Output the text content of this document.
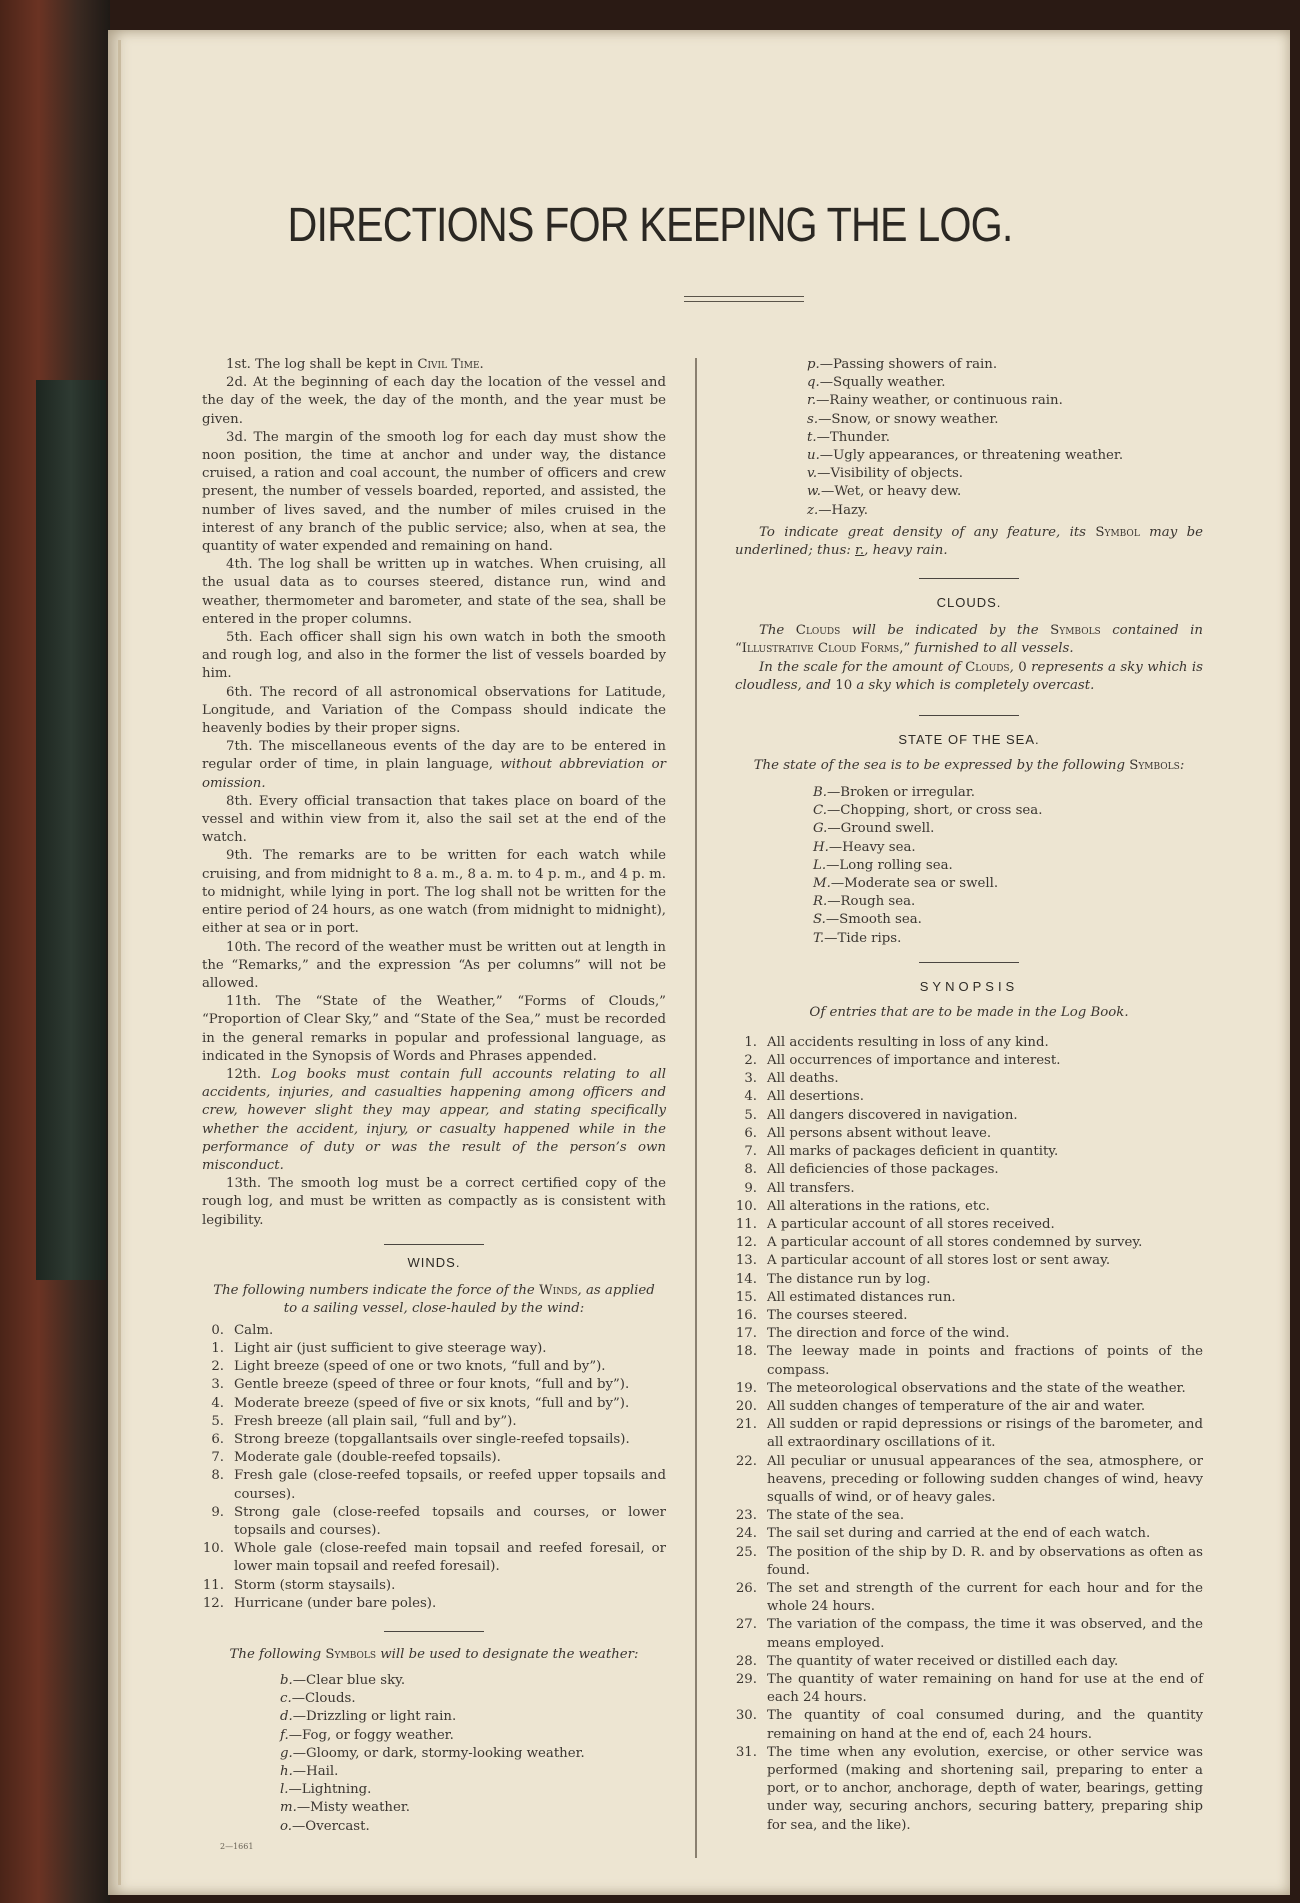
DIRECTIONS FOR KEEPING THE LOG.

1st. The log shall be kept in Civil Time.

2d. At the beginning of each day the location of the vessel and the day of the week, the day of the month, and the year must be given.

3d. The margin of the smooth log for each day must show the noon position, the time at anchor and under way, the distance cruised, a ration and coal account, the number of officers and crew present, the number of vessels boarded, reported, and assisted, the number of lives saved, and the number of miles cruised in the interest of any branch of the public service; also, when at sea, the quantity of water expended and remaining on hand.

4th. The log shall be written up in watches. When cruising, all the usual data as to courses steered, distance run, wind and weather, thermometer and barometer, and state of the sea, shall be entered in the proper columns.

5th. Each officer shall sign his own watch in both the smooth and rough log, and also in the former the list of vessels boarded by him.

6th. The record of all astronomical observations for Latitude, Longitude, and Variation of the Compass should indicate the heavenly bodies by their proper signs.

7th. The miscellaneous events of the day are to be entered in regular order of time, in plain language, without abbreviation or omission.

8th. Every official transaction that takes place on board of the vessel and within view from it, also the sail set at the end of the watch.

9th. The remarks are to be written for each watch while cruising, and from midnight to 8 a. m., 8 a. m. to 4 p. m., and 4 p. m. to midnight, while lying in port. The log shall not be written for the entire period of 24 hours, as one watch (from midnight to midnight), either at sea or in port.

10th. The record of the weather must be written out at length in the “Remarks,” and the expression “As per columns” will not be allowed.

11th. The “State of the Weather,” “Forms of Clouds,” “Proportion of Clear Sky,” and “State of the Sea,” must be recorded in the general remarks in popular and professional language, as indicated in the Synopsis of Words and Phrases appended.

12th. Log books must contain full accounts relating to all accidents, injuries, and casualties happening among officers and crew, however slight they may appear, and stating specifically whether the accident, injury, or casualty happened while in the performance of duty or was the result of the person’s own misconduct.

13th. The smooth log must be a correct certified copy of the rough log, and must be written as compactly as is consistent with legibility.

WINDS.

The following numbers indicate the force of the Winds, as applied to a sailing vessel, close-hauled by the wind:

0. Calm.
1. Light air (just sufficient to give steerage way).
2. Light breeze (speed of one or two knots, “full and by”).
3. Gentle breeze (speed of three or four knots, “full and by”).
4. Moderate breeze (speed of five or six knots, “full and by”).
5. Fresh breeze (all plain sail, “full and by”).
6. Strong breeze (topgallantsails over single-reefed topsails).
7. Moderate gale (double-reefed topsails).
8. Fresh gale (close-reefed topsails, or reefed upper topsails and courses).
9. Strong gale (close-reefed topsails and courses, or lower topsails and courses).
10. Whole gale (close-reefed main topsail and reefed foresail, or lower main topsail and reefed foresail).
11. Storm (storm staysails).
12. Hurricane (under bare poles).

The following Symbols will be used to designate the weather:

b.—Clear blue sky.
c.—Clouds.
d.—Drizzling or light rain.
f.—Fog, or foggy weather.
g.—Gloomy, or dark, stormy-looking weather.
h.—Hail.
l.—Lightning.
m.—Misty weather.
o.—Overcast.
2—1661
p.—Passing showers of rain.
q.—Squally weather.
r.—Rainy weather, or continuous rain.
s.—Snow, or snowy weather.
t.—Thunder.
u.—Ugly appearances, or threatening weather.
v.—Visibility of objects.
w.—Wet, or heavy dew.
z.—Hazy.

To indicate great density of any feature, its Symbol may be underlined; thus: r., heavy rain.

CLOUDS.

The Clouds will be indicated by the Symbols contained in “Illustrative Cloud Forms,” furnished to all vessels.

In the scale for the amount of Clouds, 0 represents a sky which is cloudless, and 10 a sky which is completely overcast.

STATE OF THE SEA.

The state of the sea is to be expressed by the following Symbols:

B.—Broken or irregular.
C.—Chopping, short, or cross sea.
G.—Ground swell.
H.—Heavy sea.
L.—Long rolling sea.
M.—Moderate sea or swell.
R.—Rough sea.
S.—Smooth sea.
T.—Tide rips.

SYNOPSIS

Of entries that are to be made in the Log Book.

1. All accidents resulting in loss of any kind.
2. All occurrences of importance and interest.
3. All deaths.
4. All desertions.
5. All dangers discovered in navigation.
6. All persons absent without leave.
7. All marks of packages deficient in quantity.
8. All deficiencies of those packages.
9. All transfers.
10. All alterations in the rations, etc.
11. A particular account of all stores received.
12. A particular account of all stores condemned by survey.
13. A particular account of all stores lost or sent away.
14. The distance run by log.
15. All estimated distances run.
16. The courses steered.
17. The direction and force of the wind.
18. The leeway made in points and fractions of points of the compass.
19. The meteorological observations and the state of the weather.
20. All sudden changes of temperature of the air and water.
21. All sudden or rapid depressions or risings of the barometer, and all extraordinary oscillations of it.
22. All peculiar or unusual appearances of the sea, atmosphere, or heavens, preceding or following sudden changes of wind, heavy squalls of wind, or of heavy gales.
23. The state of the sea.
24. The sail set during and carried at the end of each watch.
25. The position of the ship by D. R. and by observations as often as found.
26. The set and strength of the current for each hour and for the whole 24 hours.
27. The variation of the compass, the time it was observed, and the means employed.
28. The quantity of water received or distilled each day.
29. The quantity of water remaining on hand for use at the end of each 24 hours.
30. The quantity of coal consumed during, and the quantity remaining on hand at the end of, each 24 hours.
31. The time when any evolution, exercise, or other service was performed (making and shortening sail, preparing to enter a port, or to anchor, anchorage, depth of water, bearings, getting under way, securing anchors, securing battery, preparing ship for sea, and the like).
